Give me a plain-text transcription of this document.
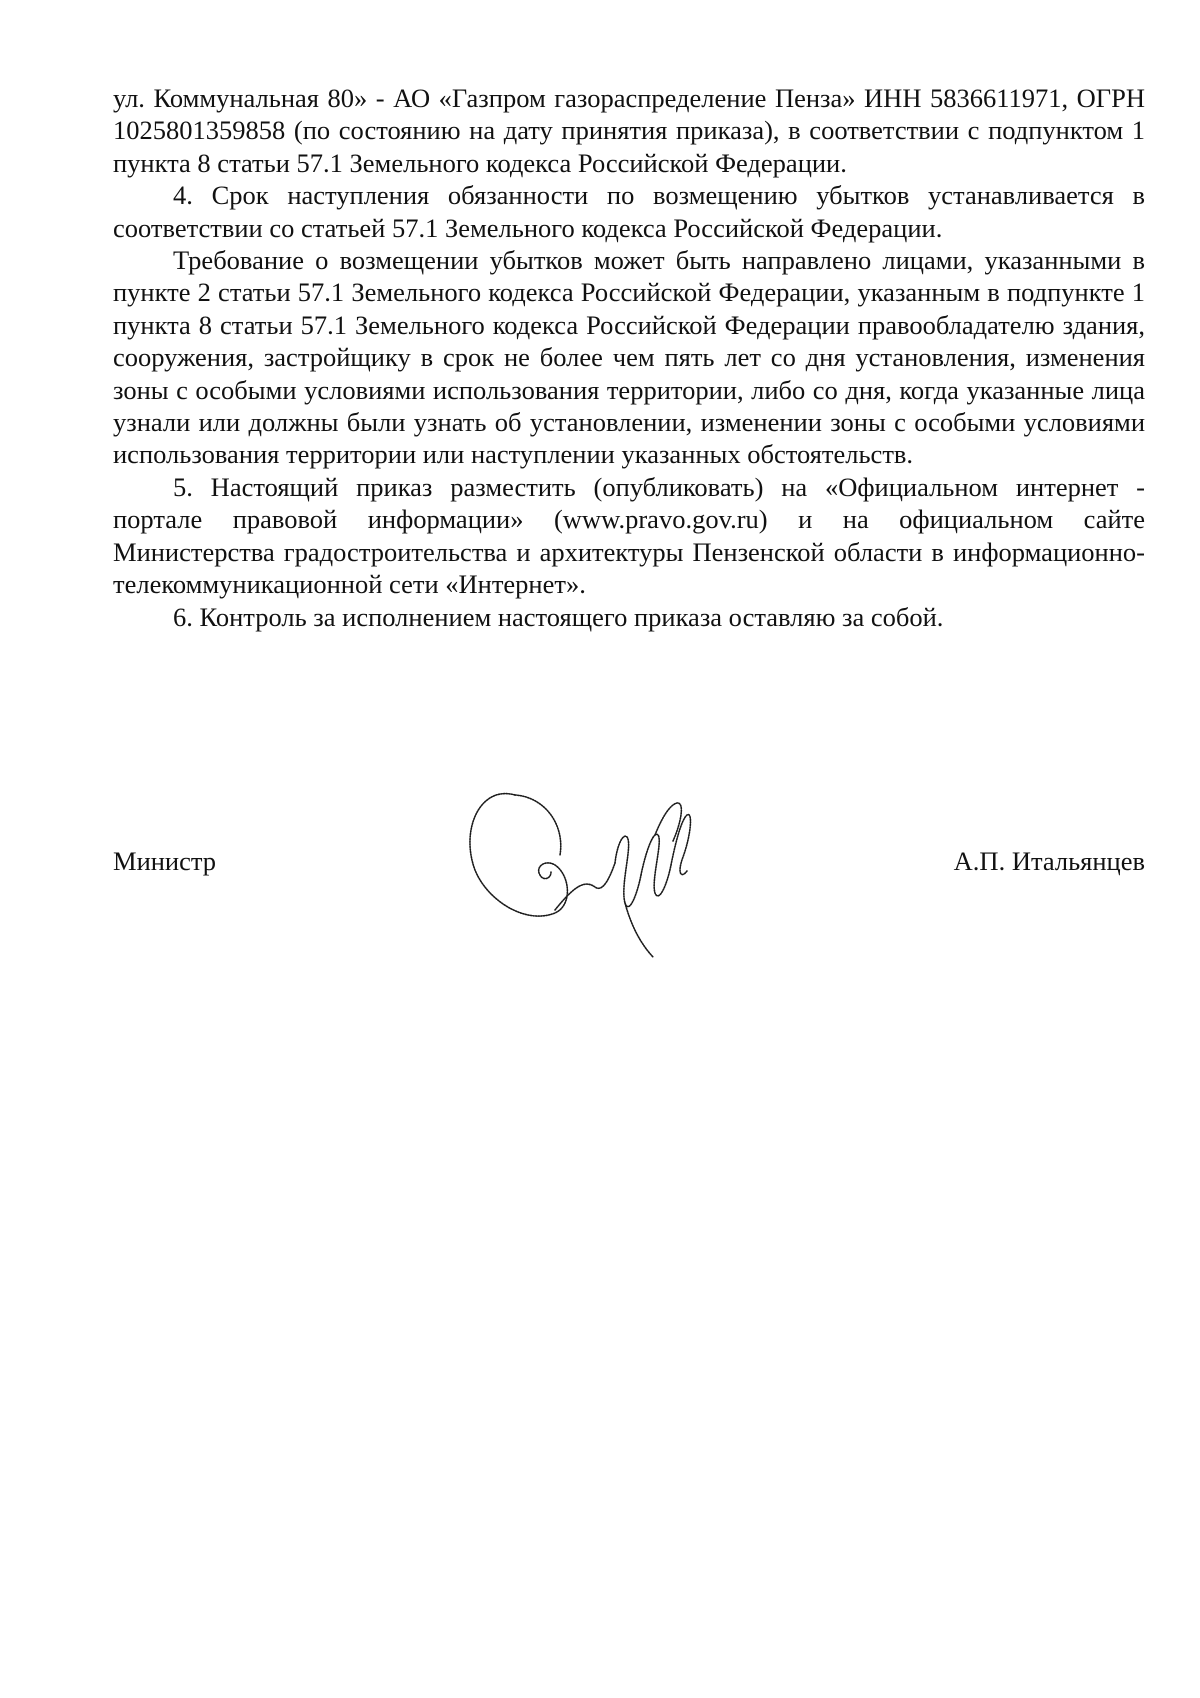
ул. Коммунальная 80» - АО «Газпром газораспределение Пенза» ИНН 5836611971, ОГРН 1025801359858 (по состоянию на дату принятия приказа), в соответствии с подпунктом 1 пункта 8 статьи 57.1 Земельного кодекса Российской Федерации.

4. Срок наступления обязанности по возмещению убытков устанавливается в соответствии со статьей 57.1 Земельного кодекса Российской Федерации.

Требование о возмещении убытков может быть направлено лицами, указанными в пункте 2 статьи 57.1 Земельного кодекса Российской Федерации, указанным в подпункте 1 пункта 8 статьи 57.1 Земельного кодекса Российской Федерации правообладателю здания, сооружения, застройщику в срок не более чем пять лет со дня установления, изменения зоны с особыми условиями использования территории, либо со дня, когда указанные лица узнали или должны были узнать об установлении, изменении зоны с особыми условиями использования территории или наступлении указанных обстоятельств.

5. Настоящий приказ разместить (опубликовать) на «Официальном интернет - портале правовой информации» (www.pravo.gov.ru) и на официальном сайте Министерства градостроительства и архитектуры Пензенской области в информационно-телекоммуникационной сети «Интернет».

6. Контроль за исполнением настоящего приказа оставляю за собой.

Министр	А.П. Итальянцев
